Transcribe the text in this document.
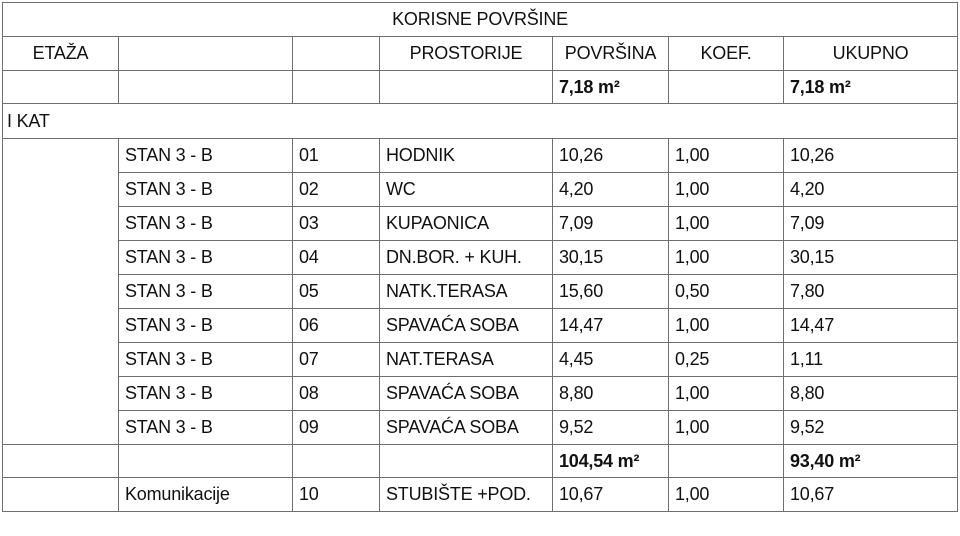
KORISNE POVRŠINE						
ETAŽA			PROSTORIJE	POVRŠINA	KOEF.	UKUPNO
				7,18 m²		7,18 m²
I KAT						
	STAN 3 - B	01	HODNIK	10,26	1,00	10,26
	STAN 3 - B	02	WC	4,20	1,00	4,20
	STAN 3 - B	03	KUPAONICA	7,09	1,00	7,09
	STAN 3 - B	04	DN.BOR. + KUH.	30,15	1,00	30,15
	STAN 3 - B	05	NATK.TERASA	15,60	0,50	7,80
	STAN 3 - B	06	SPAVAĆA SOBA	14,47	1,00	14,47
	STAN 3 - B	07	NAT.TERASA	4,45	0,25	1,11
	STAN 3 - B	08	SPAVAĆA SOBA	8,80	1,00	8,80
	STAN 3 - B	09	SPAVAĆA SOBA	9,52	1,00	9,52
				104,54 m²		93,40 m²
	Komunikacije	10	STUBIŠTE +POD.	10,67	1,00	10,67
